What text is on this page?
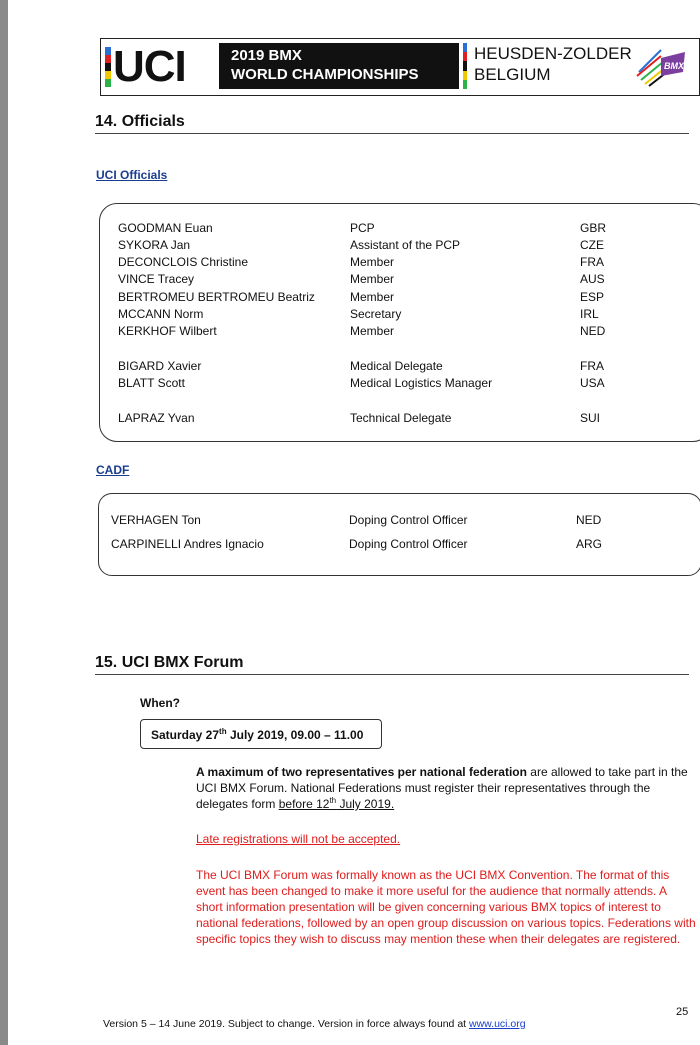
UCI	2019 BMX
WORLD CHAMPIONSHIPS
HEUSDEN-ZOLDER
BELGIUM	BMX
14. Officials
UCI Officials
GOODMAN Euan	PCP	GBR
SYKORA Jan	Assistant of the PCP	CZE
DECONCLOIS Christine	Member	FRA
VINCE Tracey	Member	AUS
BERTROMEU BERTROMEU Beatriz	Member	ESP
MCCANN Norm	Secretary	IRL
KERKHOF Wilbert	Member	NED
BIGARD Xavier	Medical Delegate	FRA
BLATT Scott	Medical Logistics Manager	USA
LAPRAZ Yvan	Technical Delegate	SUI
CADF
VERHAGEN Ton	Doping Control Officer	NED
CARPINELLI Andres Ignacio	Doping Control Officer	ARG
15. UCI BMX Forum
When?
Saturday 27th July 2019, 09.00 – 11.00
A maximum of two representatives per national federation are allowed to take part in the UCI BMX Forum. National Federations must register their representatives through the delegates form before 12th July 2019.
Late registrations will not be accepted.
The UCI BMX Forum was formally known as the UCI BMX Convention. The format of this event has been changed to make it more useful for the audience that normally attends. A short information presentation will be given concerning various BMX topics of interest to national federations, followed by an open group discussion on various topics. Federations with specific topics they wish to discuss may mention these when their delegates are registered.
25
Version 5 – 14 June 2019. Subject to change. Version in force always found at www.uci.org
